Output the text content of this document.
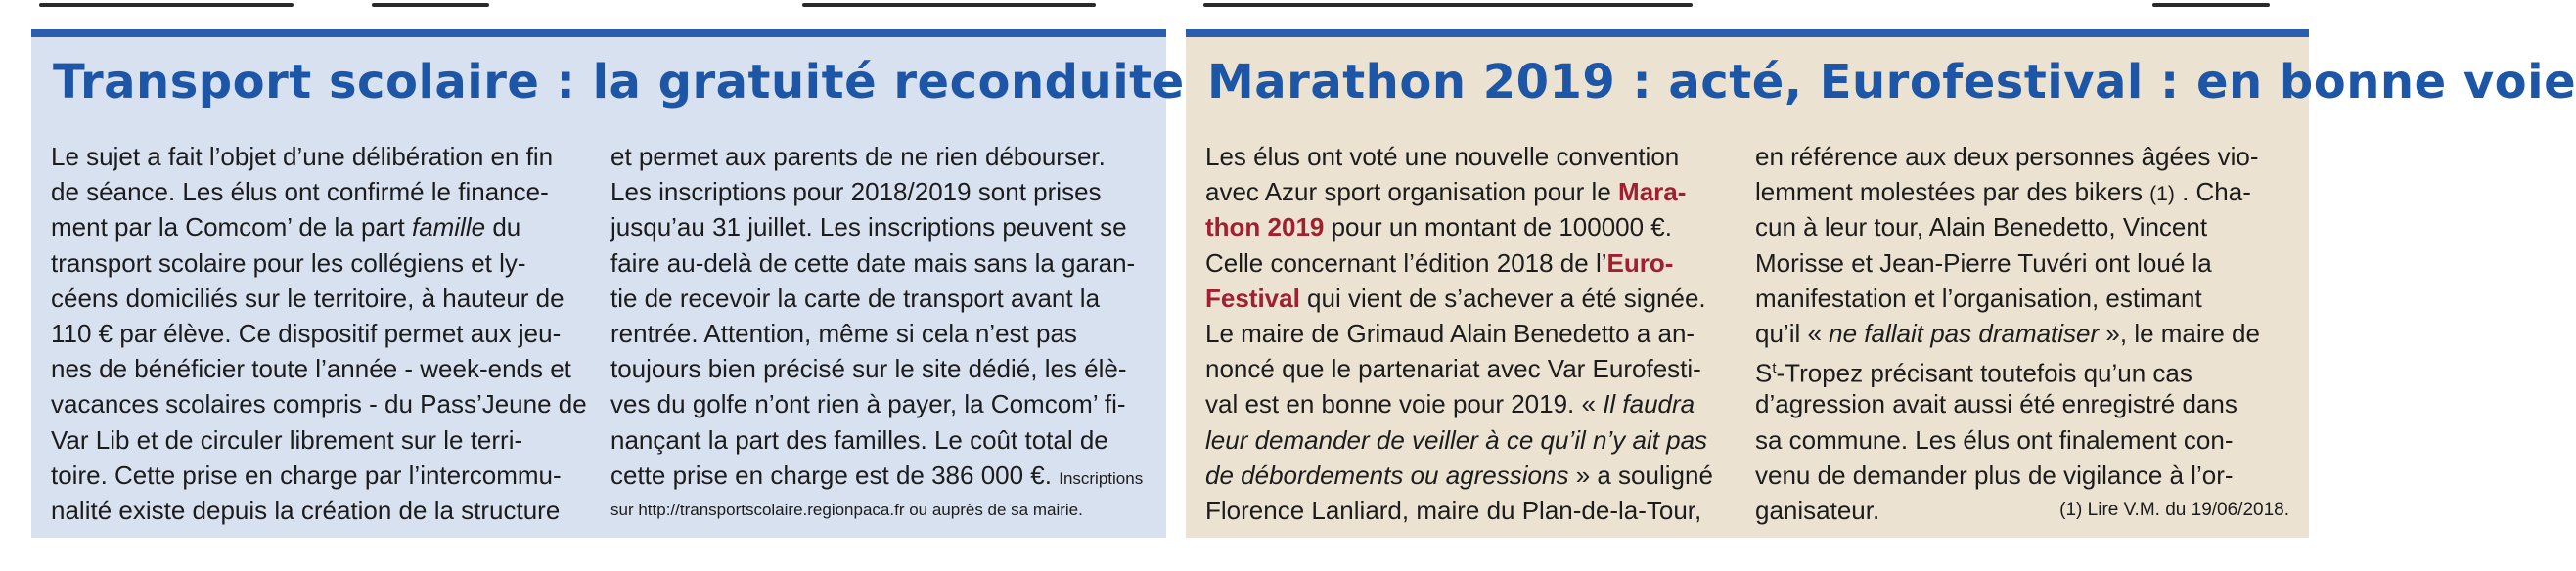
Transport scolaire : la gratuité reconduite
Le sujet a fait l’objet d’une délibération en fin
de séance. Les élus ont confirmé le finance-
ment par la Comcom’ de la part famille du
transport scolaire pour les collégiens et ly-
céens domiciliés sur le territoire, à hauteur de
110 € par élève. Ce dispositif permet aux jeu-
nes de bénéficier toute l’année - week-ends et
vacances scolaires compris - du Pass’Jeune de
Var Lib et de circuler librement sur le terri-
toire. Cette prise en charge par l’intercommu-
nalité existe depuis la création de la structure
et permet aux parents de ne rien débourser.
Les inscriptions pour 2018/2019 sont prises
jusqu’au 31 juillet. Les inscriptions peuvent se
faire au-delà de cette date mais sans la garan-
tie de recevoir la carte de transport avant la
rentrée. Attention, même si cela n’est pas
toujours bien précisé sur le site dédié, les élè-
ves du golfe n’ont rien à payer, la Comcom’ fi-
nançant la part des familles. Le coût total de
cette prise en charge est de 386 000 €. Inscriptions
sur http://transportscolaire.regionpaca.fr ou auprès de sa mairie.
Marathon 2019 : acté, Eurofestival : en bonne voie
Les élus ont voté une nouvelle convention
avec Azur sport organisation pour le Mara-
thon 2019 pour un montant de 100000 €.
Celle concernant l’édition 2018 de l’Euro-
Festival qui vient de s’achever a été signée.
Le maire de Grimaud Alain Benedetto a an-
noncé que le partenariat avec Var Eurofesti-
val est en bonne voie pour 2019. « Il faudra
leur demander de veiller à ce qu’il n’y ait pas
de débordements ou agressions » a souligné
Florence Lanliard, maire du Plan-de-la-Tour,
en référence aux deux personnes âgées vio-
lemment molestées par des bikers (1) . Cha-
cun à leur tour, Alain Benedetto, Vincent
Morisse et Jean-Pierre Tuvéri ont loué la
manifestation et l’organisation, estimant
qu’il « ne fallait pas dramatiser », le maire de
$S^t$-Tropez précisant toutefois qu’un cas
d’agression avait aussi été enregistré dans
sa commune. Les élus ont finalement con-
venu de demander plus de vigilance à l’or-
ganisateur.	(1) Lire V.M. du 19/06/2018.
